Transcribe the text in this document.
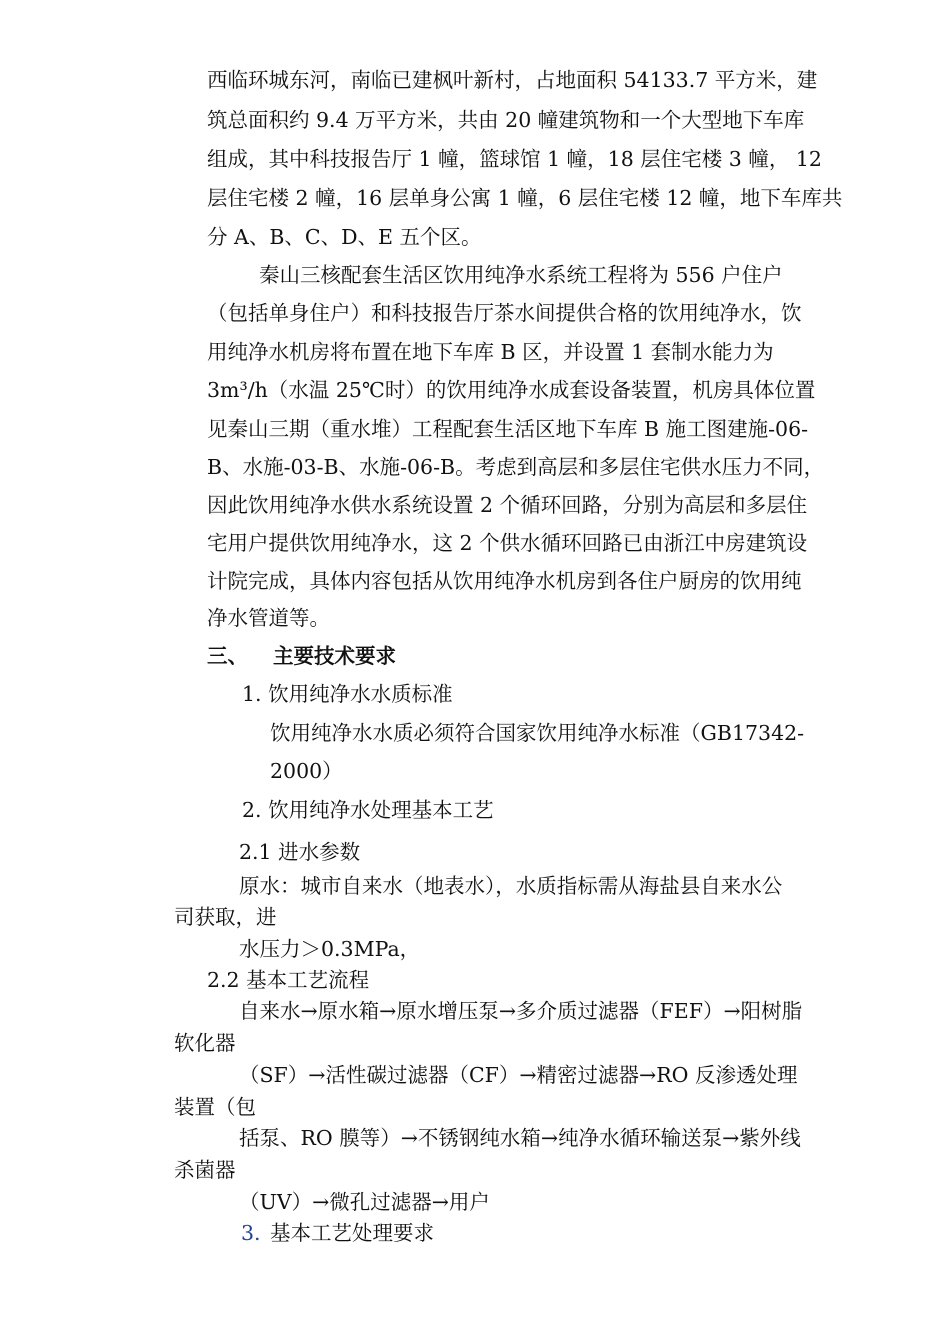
西临环城东河，南临已建枫叶新村，占地面积 54133.7 平方米，建
筑总面积约 9.4 万平方米，共由 20 幢建筑物和一个大型地下车库
组成，其中科技报告厅 1 幢，篮球馆 1 幢，18 层住宅楼 3 幢， 12
层住宅楼 2 幢，16 层单身公寓 1 幢，6 层住宅楼 12 幢，地下车库共
分 A、B、C、D、E 五个区。
秦山三核配套生活区饮用纯净水系统工程将为 556 户住户
（包括单身住户）和科技报告厅茶水间提供合格的饮用纯净水，饮
用纯净水机房将布置在地下车库 B 区，并设置 1 套制水能力为
3m³/h（水温 25℃时）的饮用纯净水成套设备装置，机房具体位置
见秦山三期（重水堆）工程配套生活区地下车库 B 施工图建施-06-
B、水施-03-B、水施-06-B。考虑到高层和多层住宅供水压力不同，
因此饮用纯净水供水系统设置 2 个循环回路，分别为高层和多层住
宅用户提供饮用纯净水，这 2 个供水循环回路已由浙江中房建筑设
计院完成，具体内容包括从饮用纯净水机房到各住户厨房的饮用纯
净水管道等。
三、 主要技术要求
1. 饮用纯净水水质标准
饮用纯净水水质必须符合国家饮用纯净水标准（GB17342-
2000）
2. 饮用纯净水处理基本工艺
2.1 进水参数
原水：城市自来水（地表水），水质指标需从海盐县自来水公
司获取，进
水压力＞0.3MPa，
2.2 基本工艺流程
自来水→原水箱→原水增压泵→多介质过滤器（FEF）→阳树脂
软化器
（SF）→活性碳过滤器（CF）→精密过滤器→RO 反渗透处理
装置（包
括泵、RO 膜等）→不锈钢纯水箱→纯净水循环输送泵→紫外线
杀菌器
（UV）→微孔过滤器→用户
3. 基本工艺处理要求
